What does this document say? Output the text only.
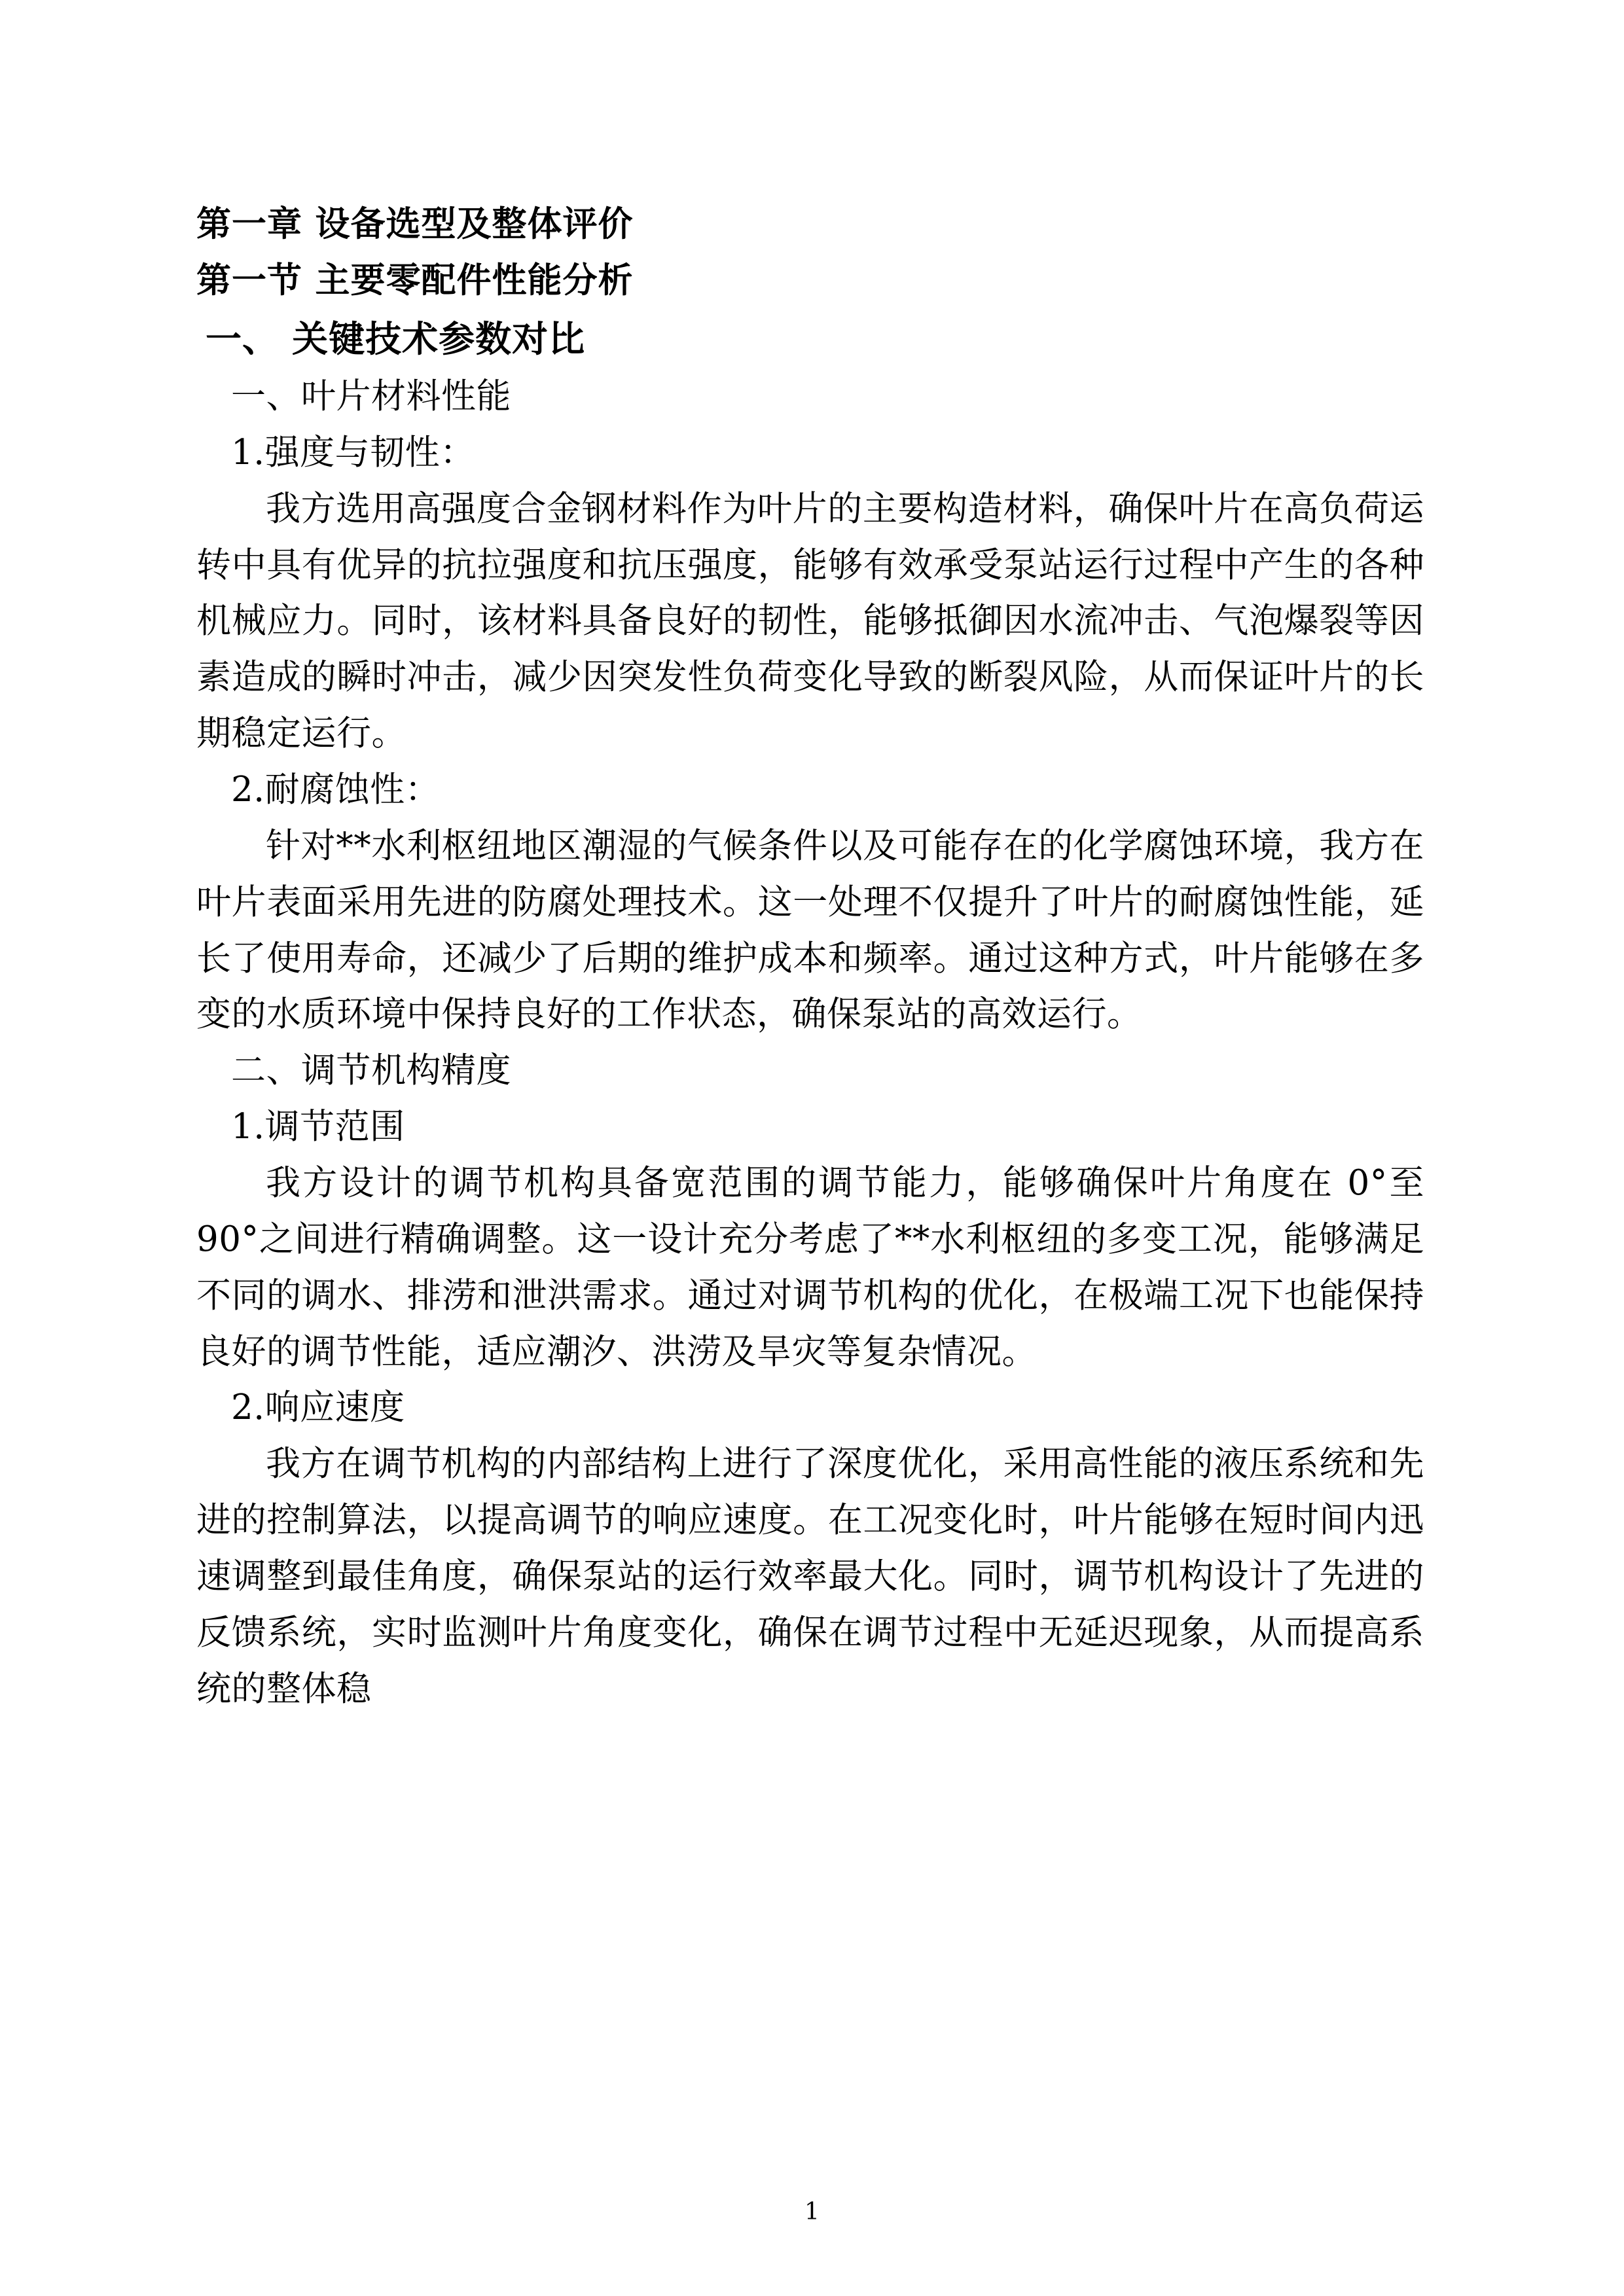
第一章 设备选型及整体评价

第一节 主要零配件性能分析

一、 关键技术参数对比

一、叶片材料性能

1.强度与韧性：

我方选用高强度合金钢材料作为叶片的主要构造材料，确保叶片在高负荷运转中具有优异的抗拉强度和抗压强度，能够有效承受泵站运行过程中产生的各种机械应力。同时，该材料具备良好的韧性，能够抵御因水流冲击、气泡爆裂等因素造成的瞬时冲击，减少因突发性负荷变化导致的断裂风险，从而保证叶片的长期稳定运行。

2.耐腐蚀性：

针对**水利枢纽地区潮湿的气候条件以及可能存在的化学腐蚀环境，我方在叶片表面采用先进的防腐处理技术。这一处理不仅提升了叶片的耐腐蚀性能，延长了使用寿命，还减少了后期的维护成本和频率。通过这种方式，叶片能够在多变的水质环境中保持良好的工作状态，确保泵站的高效运行。

二、调节机构精度

1.调节范围

我方设计的调节机构具备宽范围的调节能力，能够确保叶片角度在 0°至 90°之间进行精确调整。这一设计充分考虑了**水利枢纽的多变工况，能够满足不同的调水、排涝和泄洪需求。通过对调节机构的优化，在极端工况下也能保持良好的调节性能，适应潮汐、洪涝及旱灾等复杂情况。

2.响应速度

我方在调节机构的内部结构上进行了深度优化，采用高性能的液压系统和先进的控制算法，以提高调节的响应速度。在工况变化时，叶片能够在短时间内迅速调整到最佳角度，确保泵站的运行效率最大化。同时，调节机构设计了先进的反馈系统，实时监测叶片角度变化，确保在调节过程中无延迟现象，从而提高系统的整体稳

1
